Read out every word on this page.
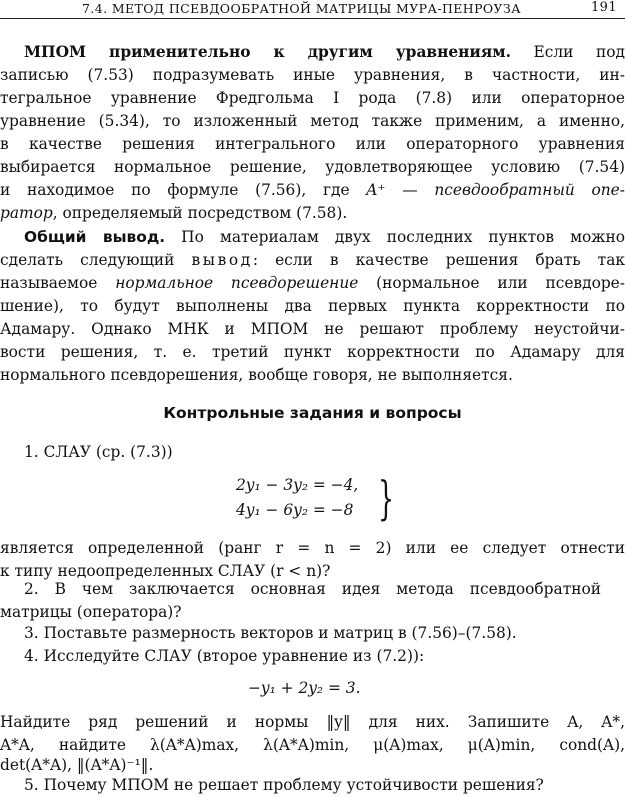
7.4. МЕТОД ПСЕВДООБРАТНОЙ МАТРИЦЫ МУРА-ПЕНРОУЗА	191
МПОМ применительно к другим уравнениям. Если под
записью (7.53) подразумевать иные уравнения, в частности, ин-
тегральное уравнение Фредгольма I рода (7.8) или операторное
уравнение (5.34), то изложенный метод также применим, а именно,
в качестве решения интегрального или операторного уравнения
выбирается нормальное решение, удовлетворяющее условию (7.54)
и находимое по формуле (7.56), где A⁺ — псевдообратный опе-
ратор, определяемый посредством (7.58).
Общий вывод. По материалам двух последних пунктов можно
сделать следующий вывод: если в качестве решения брать так
называемое нормальное псевдорешение (нормальное или псевдоре-
шение), то будут выполнены два первых пункта корректности по
Адамару. Однако МНК и МПОМ не решают проблему неустойчи-
вости решения, т. е. третий пункт корректности по Адамару для
нормального псевдорешения, вообще говоря, не выполняется.
Контрольные задания и вопросы
1. СЛАУ (ср. (7.3))
2y₁ − 3y₂ = −4,
4y₁ − 6y₂ = −8 }
является определенной (ранг r = n = 2) или ее следует отнести
к типу недоопределенных СЛАУ (r < n)?
2. В чем заключается основная идея метода псевдообратной
матрицы (оператора)?
3. Поставьте размерность векторов и матриц в (7.56)–(7.58).
4. Исследуйте СЛАУ (второе уравнение из (7.2)):
−y₁ + 2y₂ = 3.
Найдите ряд решений и нормы ‖y‖ для них. Запишите A, A*,
A*A, найдите λ(A*A)max, λ(A*A)min, μ(A)max, μ(A)min, cond(A),
det(A*A), ‖(A*A)⁻¹‖.
5. Почему МПОМ не решает проблему устойчивости решения?
